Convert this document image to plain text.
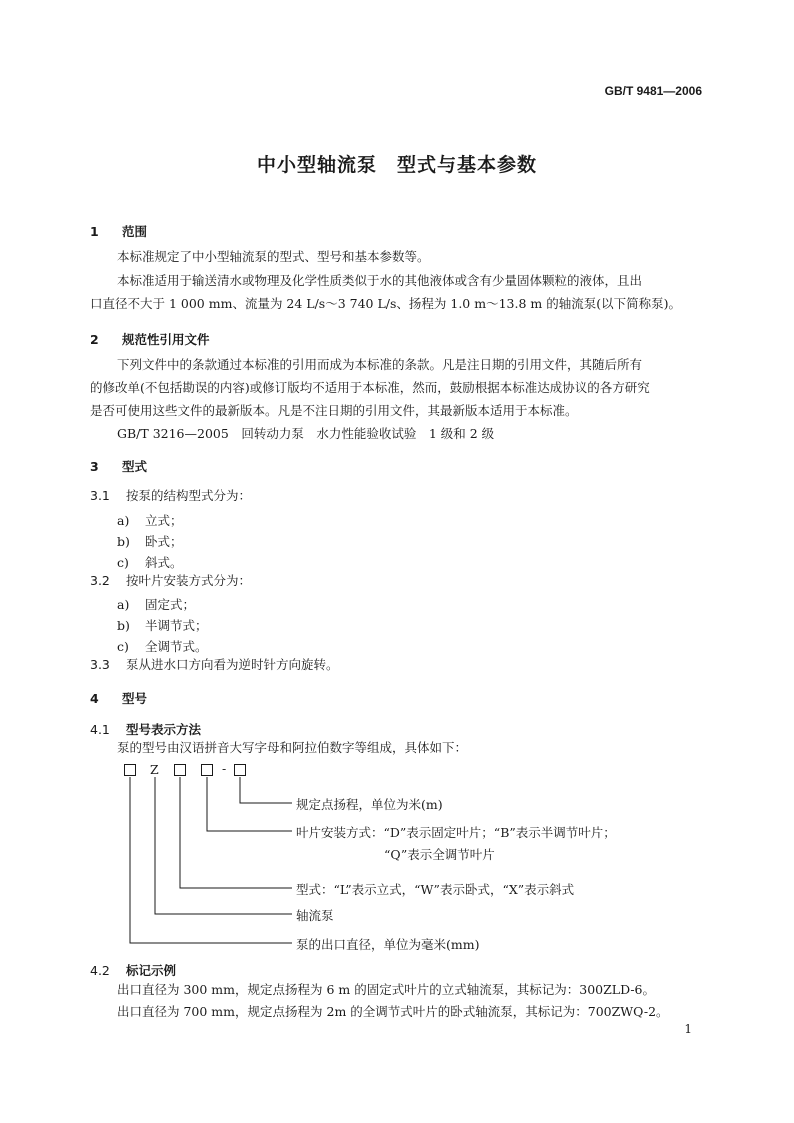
GB/T 9481—2006
中小型轴流泵　型式与基本参数
1 范围
本标准规定了中小型轴流泵的型式、型号和基本参数等。
本标准适用于输送清水或物理及化学性质类似于水的其他液体或含有少量固体颗粒的液体，且出
口直径不大于 1 000 mm、流量为 24 L/s～3 740 L/s、扬程为 1.0 m～13.8 m 的轴流泵(以下简称泵)。
2 规范性引用文件
下列文件中的条款通过本标准的引用而成为本标准的条款。凡是注日期的引用文件，其随后所有
的修改单(不包括勘误的内容)或修订版均不适用于本标准，然而，鼓励根据本标准达成协议的各方研究
是否可使用这些文件的最新版本。凡是不注日期的引用文件，其最新版本适用于本标准。
GB/T 3216—2005　回转动力泵　水力性能验收试验　1 级和 2 级
3 型式
3.1 按泵的结构型式分为：
a) 立式；
b) 卧式；
c) 斜式。
3.2 按叶片安装方式分为：
a) 固定式；
b) 半调节式；
c) 全调节式。
3.3 泵从进水口方向看为逆时针方向旋转。
4 型号
4.1 型号表示方法
泵的型号由汉语拼音大写字母和阿拉伯数字等组成，具体如下：
Z	-
规定点扬程，单位为米(m)
叶片安装方式：“D”表示固定叶片；“B”表示半调节叶片；
“Q”表示全调节叶片
型式：“L”表示立式，“W”表示卧式，“X”表示斜式
轴流泵
泵的出口直径，单位为毫米(mm)
4.2 标记示例
出口直径为 300 mm，规定点扬程为 6 m 的固定式叶片的立式轴流泵，其标记为：300ZLD-6。
出口直径为 700 mm，规定点扬程为 2m 的全调节式叶片的卧式轴流泵，其标记为：700ZWQ-2。
1
